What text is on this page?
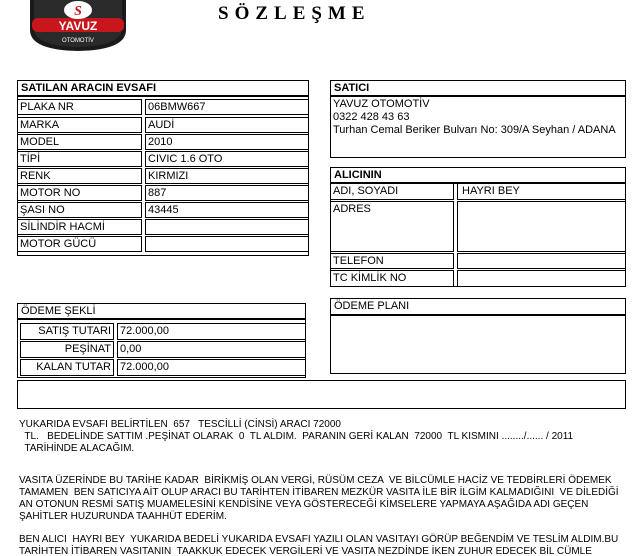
S
YAVUZ
OTOMOTİV
SÖZLEŞME
SATILAN ARACIN EVSAFI
PLAKA NR	06BMW667
MARKA	AUDİ
MODEL	2010
TİPİ	CIVIC 1.6 OTO
RENK	KIRMIZI
MOTOR NO	887
ŞASI NO	43445
SİLİNDİR HACMİ
MOTOR GÜCÜ
SATICI
YAVUZ OTOMOTİV
0322 428 43 63
Turhan Cemal Beriker Bulvarı No: 309/A Seyhan / ADANA
ALICININ
ADI, SOYADI	HAYRI BEY
ADRES
TELEFON
TC KİMLİK NO
ÖDEME ŞEKLİ
SATIŞ TUTARI 72.000,00
PEŞİNAT 0,00
KALAN TUTAR 72.000,00
ÖDEME PLANI
YUKARIDA EVSAFI BELİRTİLEN  657   TESCİLLİ (CİNSİ) ARACI 72000
TL.   BEDELİNDE SATTIM .PEŞİNAT OLARAK  0  TL ALDIM.  PARANIN GERİ KALAN  72000  TL KISMINI ......../...... / 2011
TARİHİNDE ALACAĞIM.
VASITA ÜZERİNDE BU TARİHE KADAR  BİRİKMİŞ OLAN VERGİ, RÜSÜM CEZA  VE BİLCÜMLE HACİZ VE TEDBİRLERİ ÖDEMEK
TAMAMEN  BEN SATICIYA AİT OLUP ARACI BU TARİHTEN İTİBAREN MEZKÜR VASITA İLE BİR İLGİM KALMADIĞINI  VE DİLEDİĞİ
AN OTONUN RESMİ SATIŞ MUAMELESİNİ KENDİSİNE VEYA GÖSTERECEĞİ KİMSELERE YAPMAYA AŞAĞIDA ADI GEÇEN
ŞAHİTLER HUZURUNDA TAAHHÜT EDERİM.
BEN ALICI  HAYRI BEY  YUKARIDA BEDELİ YUKARIDA EVSAFI YAZILI OLAN VASITAYI GÖRÜP BEĞENDİM VE TESLİM ALDIM.BU
TARİHTEN İTİBAREN VASITANIN  TAAKKUK EDECEK VERGİLERİ VE VASITA NEZDİNDE İKEN ZUHUR EDECEK BİL CÜMLE
